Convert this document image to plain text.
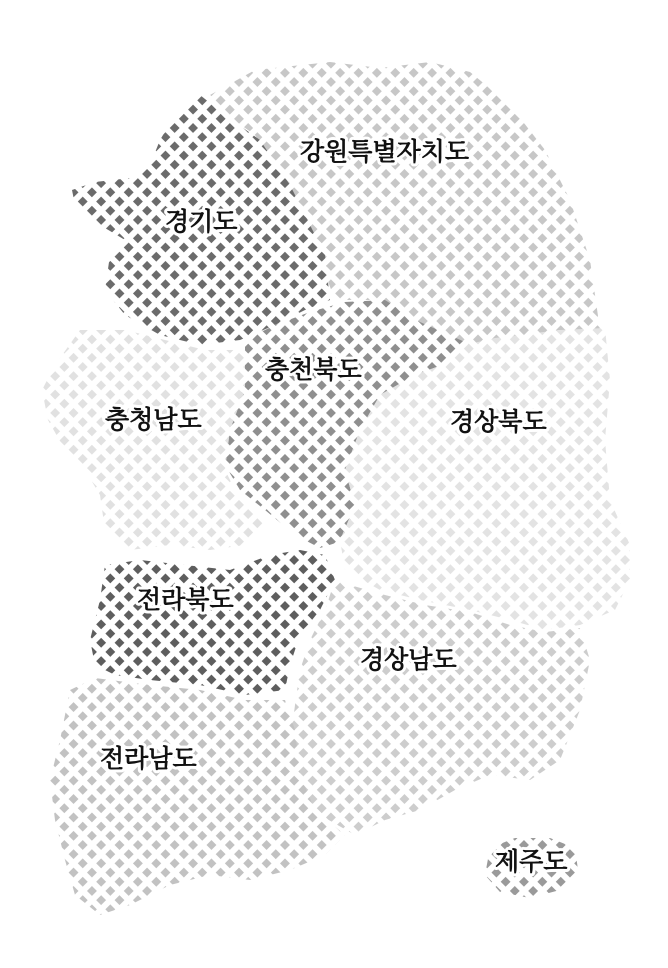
강원특별자치도
경기도
충천북도
충청남도	경상북도
전라북도
경상남도
전라남도
제주도
